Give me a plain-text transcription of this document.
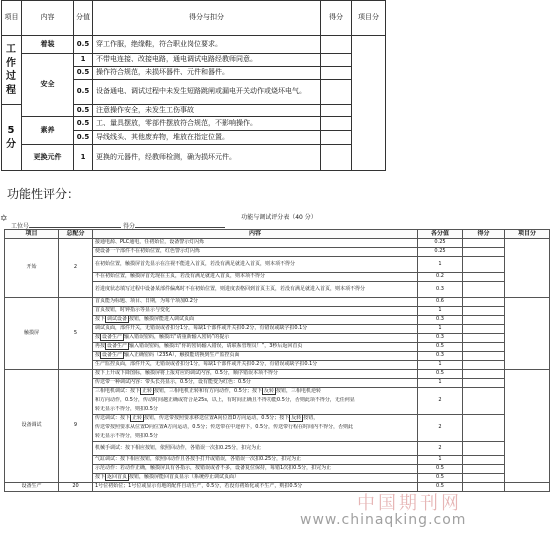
项目	内容	分值	得分与扣分	得分	项目分

工作过程	着装	0.5	穿工作服，绝缘鞋，符合职业岗位要求。		
	安全	1	不带电连接、改接电路，通电调试电路经教师同意。		
		0.5	操作符合规范，未损坏器件、元件和器件。		
		0.5	设备通电、调试过程中未发生短路跳闸或漏电开关动作或烧坏电气。		

5分		0.5	注意操作安全，未发生工伤事故		
	素养	0.5	工、量具摆放，零部件摆放符合规范，不影响操作。		
		0.5	导线线头、其他废弃物，堆放在指定位置。		

	更换元件	1	更换的元器件，经教师检测，确为损坏元件。		
功能性评分：
✡	功能与调试评分表（40 分）
工位号	得分
项目	总配分	内容	各分值	得分	项目分
开始	2	接通电源、PLC通电，任初始位，设备警示灯闪烁	0.25		
		使设备一个部件不在初始位置，红色警示灯闪烁	0.25		
		在初始位置，触摸屏首先显示在注视不能进入首页，若没有满足就进入首页，则本项不得分	1		
		不在初始位置，触摸屏首先现在主页，若没有满足就进入首页，则本项不得分	0.2		
		若进度状态填写过程中设备某部件偏离时不在初始位置，则进度表格回到首页主页，若没有满足就进入首页，则本项不得分	0.3		
触摸屏	5	首页能为标题、项目、日期，为每个项加0.2分	0.6		
		首页按钮，时钟指示等显示与变化	1		
		按下 调试设备 按钮，触摸屏能进入调试页面	0.3		
		调试页面，部件开关，无错误或者扣分1分，每缺1个部件或开关扣0.2分，有错误或缺字扣0.1分	1		
		按 设备生产 输入错误密码，触摸出“请重新输入密码”的提示	0.3		
		再按 设备生产 输入错误密码，触摸出“你的密码输入错误，请联系管理员！”，3秒后返回首页	0.5		
		按 设备生产 输入正确密码（235A），触摸能切换到生产监控页面	0.3		
		生产监控页面，部件开关，无错误或者扣分1分，每缺1个部件或开关扣0.2分，有错误或缺字扣0.1分	1		
设备调试	9	按下上升或下降图标，触摸屏将上报对应的调试内容，0.5分，顺序错误本项不得分	0.5		
		传送带一种调试内容：带头长亮显示，0.5分，设有能变为红色：0.5分	1		
		三相电机调试：按下 正转 按钮，三相电机正转和有方向动作，0.5分；按下 反转 按钮，三相电机逆转	2		
		和方向动作，0.5分，传动时间越正确或符合是25s，以上，有时间正确且不得功能0.5分，否则此项不得分，无任何显			
		转无显示不得分，则扣0.5分			
		传送调试：按下 正转 按钮，传送带按照要求移送位置A向位置D方向运动，0.5分；按下 反转 按钮，	2		
		传送带按照要求从位置D向位置A方向运动，0.5分；传送带在中途停下，0.5分，传送带行程在时间内不得分，否则此			
		转无显示不得分，则扣0.5分			
		机械手调试：按下相应按钮，依照回动作，各错误一次扣0.25分，扣完为止	2		
		气缸调试：按下相应按钮，依照回动作且各按手打开或错误，各错误一次扣0.25分，扣完为止	1		
		示范动作：若动作正确，触摸屏具有各指示，按错误或者不多，设备复位保持，每错1次扣0.5分，扣完为止	0.5		
		按下 返回首页 按钮，触摸屏能回首页显示（系统停止调试页面）	0.5		
设备生产	20	1号位初始位；1号位或显示有地的配件自动生产，0.5分，若没有初始化或不生产，则扣0.5分	0.5		
中国期刊网
www.chinaqking.com
